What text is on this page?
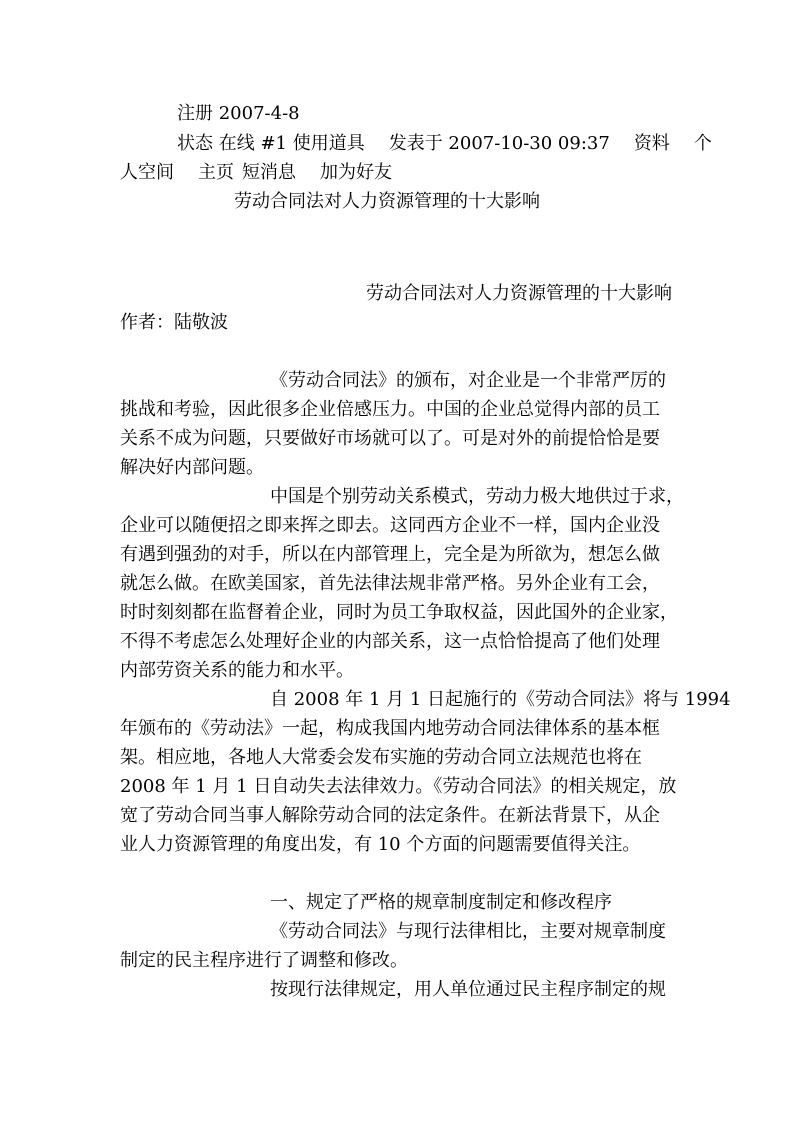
注册 2007-4-8
状态 在线 #1 使用道具 发表于 2007-10-30 09:37 资料 个
人空间 主页 短消息 加为好友
劳动合同法对人力资源管理的十大影响
劳动合同法对人力资源管理的十大影响
作者：陆敬波
《劳动合同法》的颁布，对企业是一个非常严厉的
挑战和考验，因此很多企业倍感压力。中国的企业总觉得内部的员工
关系不成为问题，只要做好市场就可以了。可是对外的前提恰恰是要
解决好内部问题。
中国是个别劳动关系模式，劳动力极大地供过于求，
企业可以随便招之即来挥之即去。这同西方企业不一样，国内企业没
有遇到强劲的对手，所以在内部管理上，完全是为所欲为，想怎么做
就怎么做。在欧美国家，首先法律法规非常严格。另外企业有工会，
时时刻刻都在监督着企业，同时为员工争取权益，因此国外的企业家，
不得不考虑怎么处理好企业的内部关系，这一点恰恰提高了他们处理
内部劳资关系的能力和水平。
自 2008 年 1 月 1 日起施行的《劳动合同法》将与 1994
年颁布的《劳动法》一起，构成我国内地劳动合同法律体系的基本框
架。相应地，各地人大常委会发布实施的劳动合同立法规范也将在
2008 年 1 月 1 日自动失去法律效力。《劳动合同法》的相关规定，放
宽了劳动合同当事人解除劳动合同的法定条件。在新法背景下，从企
业人力资源管理的角度出发，有 10 个方面的问题需要值得关注。
一、规定了严格的规章制度制定和修改程序
《劳动合同法》与现行法律相比，主要对规章制度
制定的民主程序进行了调整和修改。
按现行法律规定，用人单位通过民主程序制定的规
